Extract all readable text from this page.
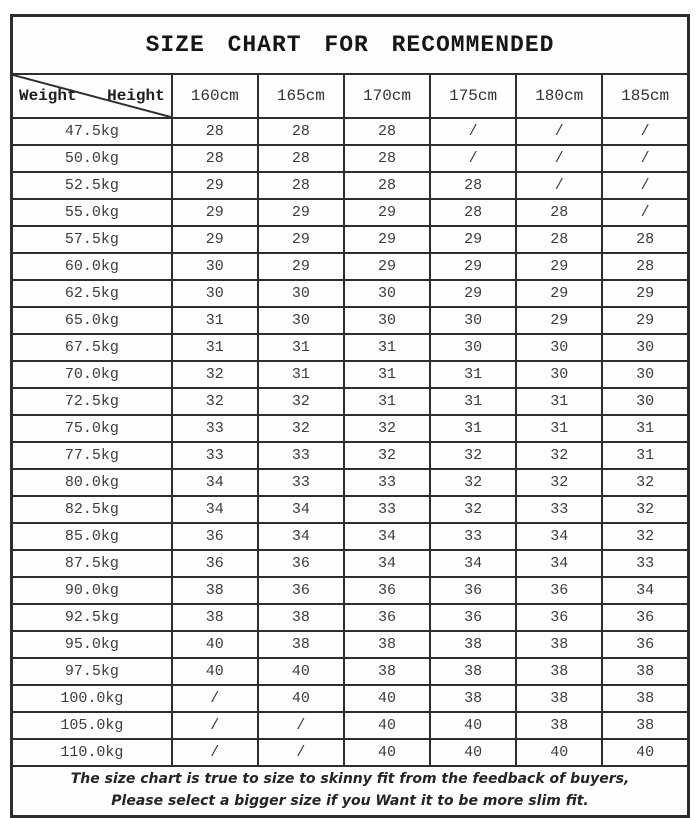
SIZE CHART FOR RECOMMENDED						

Weight Height	160cm	165cm	170cm	175cm	180cm	185cm
47.5kg	28	28	28	/	/	/
50.0kg	28	28	28	/	/	/
52.5kg	29	28	28	28	/	/
55.0kg	29	29	29	28	28	/
57.5kg	29	29	29	29	28	28
60.0kg	30	29	29	29	29	28
62.5kg	30	30	30	29	29	29
65.0kg	31	30	30	30	29	29
67.5kg	31	31	31	30	30	30
70.0kg	32	31	31	31	30	30
72.5kg	32	32	31	31	31	30
75.0kg	33	32	32	31	31	31
77.5kg	33	33	32	32	32	31
80.0kg	34	33	33	32	32	32
82.5kg	34	34	33	32	33	32
85.0kg	36	34	34	33	34	32
87.5kg	36	36	34	34	34	33
90.0kg	38	36	36	36	36	34
92.5kg	38	38	36	36	36	36
95.0kg	40	38	38	38	38	36
97.5kg	40	40	38	38	38	38
100.0kg	/	40	40	38	38	38
105.0kg	/	/	40	40	38	38
110.0kg	/	/	40	40	40	40

The size chart is true to size to skinny fit from the feedback of buyers,
Please select a bigger size if you Want it to be more slim fit.						
